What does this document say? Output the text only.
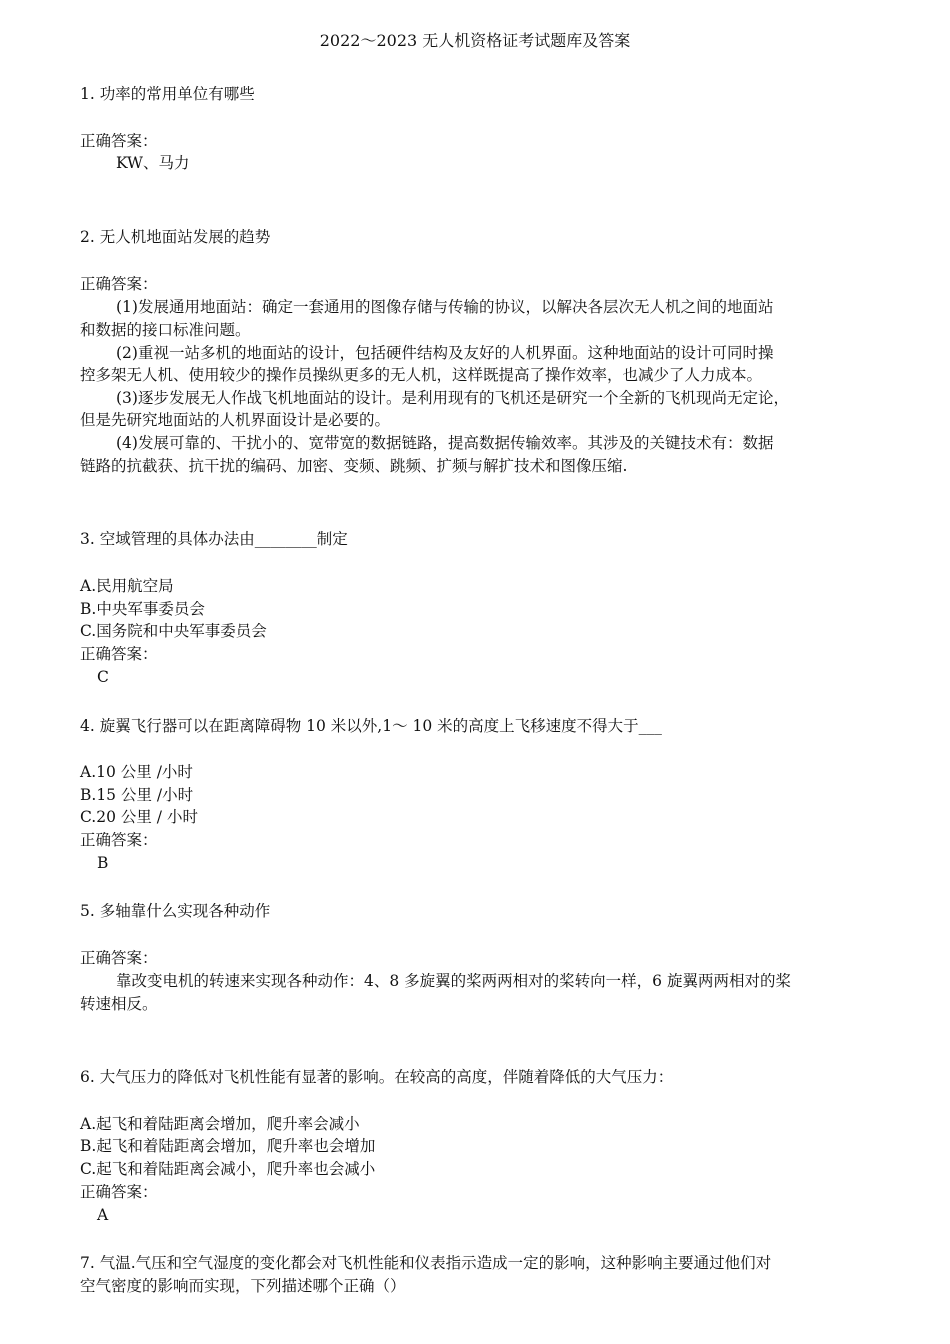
2022～2023 无人机资格证考试题库及答案
1. 功率的常用单位有哪些
正确答案：
KW、马力
2. 无人机地面站发展的趋势
正确答案：
(1)发展通用地面站：确定一套通用的图像存储与传输的协议，以解决各层次无人机之间的地面站
和数据的接口标准问题。
(2)重视一站多机的地面站的设计，包括硬件结构及友好的人机界面。这种地面站的设计可同时操
控多架无人机、使用较少的操作员操纵更多的无人机，这样既提高了操作效率，也减少了人力成本。
(3)逐步发展无人作战飞机地面站的设计。是利用现有的飞机还是研究一个全新的飞机现尚无定论，
但是先研究地面站的人机界面设计是必要的。
(4)发展可靠的、干扰小的、宽带宽的数据链路，提高数据传输效率。其涉及的关键技术有：数据
链路的抗截获、抗干扰的编码、加密、变频、跳频、扩频与解扩技术和图像压缩.
3. 空域管理的具体办法由________制定
A.民用航空局
B.中央军事委员会
C.国务院和中央军事委员会
正确答案：
C
4. 旋翼飞行器可以在距离障碍物 10 米以外,1～ 10 米的高度上飞移速度不得大于___
A.10 公里 /小时
B.15 公里 /小时
C.20 公里 / 小时
正确答案：
B
5. 多轴靠什么实现各种动作
正确答案：
靠改变电机的转速来实现各种动作：4、8 多旋翼的桨两两相对的桨转向一样，6 旋翼两两相对的桨
转速相反。
6. 大气压力的降低对飞机性能有显著的影响。在较高的高度，伴随着降低的大气压力：
A.起飞和着陆距离会增加，爬升率会减小
B.起飞和着陆距离会增加，爬升率也会增加
C.起飞和着陆距离会减小，爬升率也会减小
正确答案：
A
7. 气温.气压和空气湿度的变化都会对飞机性能和仪表指示造成一定的影响，这种影响主要通过他们对
空气密度的影响而实现，下列描述哪个正确（）
